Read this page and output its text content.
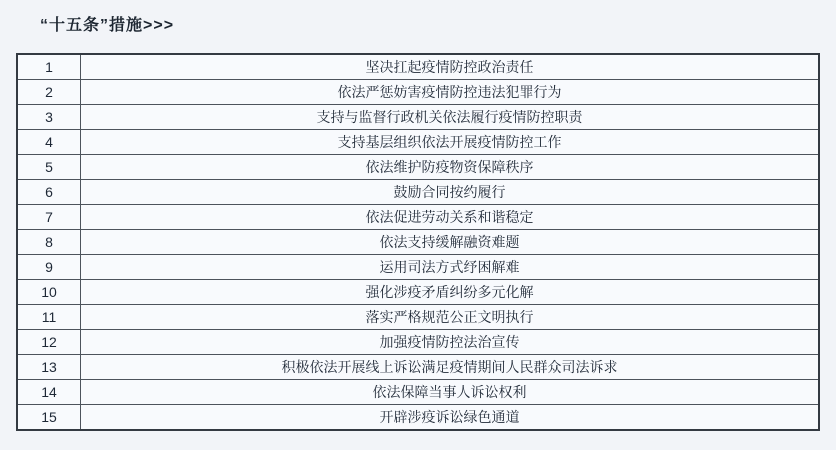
“十五条”措施>>>
1	坚决扛起疫情防控政治责任
2	依法严惩妨害疫情防控违法犯罪行为
3	支持与监督行政机关依法履行疫情防控职责
4	支持基层组织依法开展疫情防控工作
5	依法维护防疫物资保障秩序
6	鼓励合同按约履行
7	依法促进劳动关系和谐稳定
8	依法支持缓解融资难题
9	运用司法方式纾困解难
10	强化涉疫矛盾纠纷多元化解
11	落实严格规范公正文明执行
12	加强疫情防控法治宣传
13	积极依法开展线上诉讼满足疫情期间人民群众司法诉求
14	依法保障当事人诉讼权利
15	开辟涉疫诉讼绿色通道
